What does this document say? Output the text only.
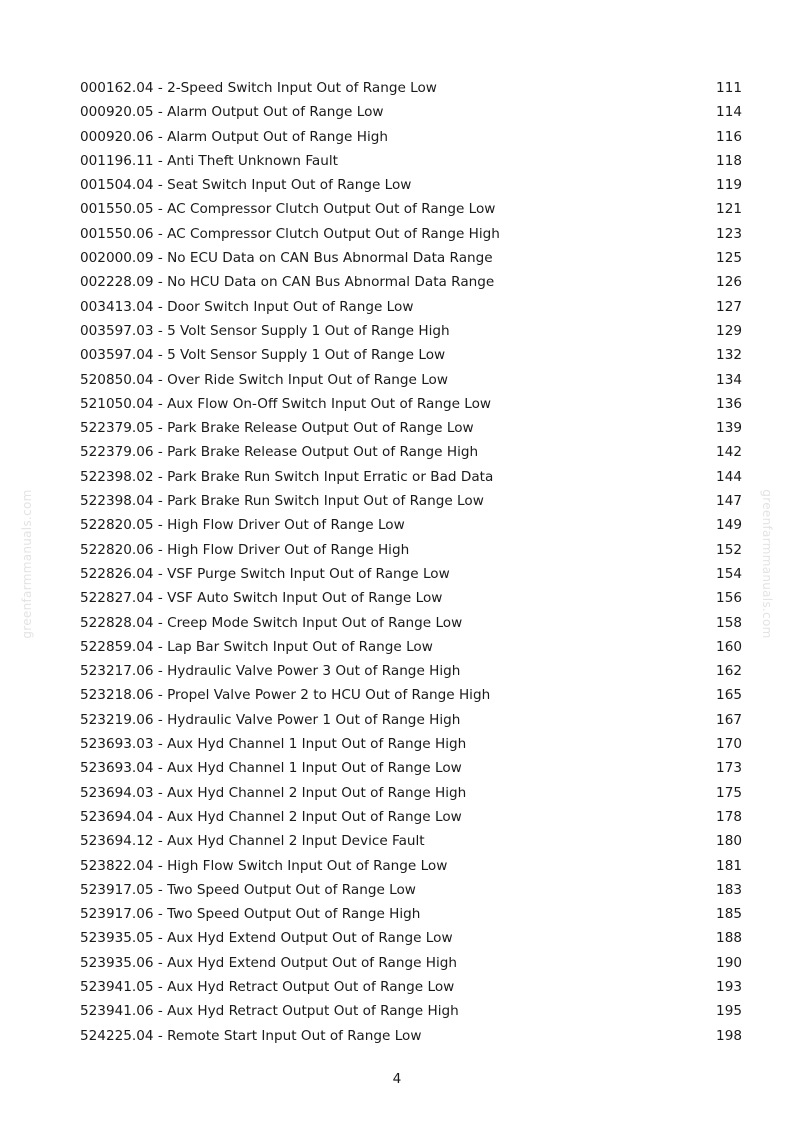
000162.04 - 2-Speed Switch Input Out of Range Low	111
000920.05 - Alarm Output Out of Range Low	114
000920.06 - Alarm Output Out of Range High	116
001196.11 - Anti Theft Unknown Fault	118
001504.04 - Seat Switch Input Out of Range Low	119
001550.05 - AC Compressor Clutch Output Out of Range Low	121
001550.06 - AC Compressor Clutch Output Out of Range High	123
002000.09 - No ECU Data on CAN Bus Abnormal Data Range	125
002228.09 - No HCU Data on CAN Bus Abnormal Data Range	126
003413.04 - Door Switch Input Out of Range Low	127
003597.03 - 5 Volt Sensor Supply 1 Out of Range High	129
003597.04 - 5 Volt Sensor Supply 1 Out of Range Low	132
520850.04 - Over Ride Switch Input Out of Range Low	134
521050.04 - Aux Flow On-Off Switch Input Out of Range Low	136
522379.05 - Park Brake Release Output Out of Range Low	139
522379.06 - Park Brake Release Output Out of Range High	142
522398.02 - Park Brake Run Switch Input Erratic or Bad Data	144
522398.04 - Park Brake Run Switch Input Out of Range Low	147
522820.05 - High Flow Driver Out of Range Low	149
522820.06 - High Flow Driver Out of Range High	152
522826.04 - VSF Purge Switch Input Out of Range Low	154
522827.04 - VSF Auto Switch Input Out of Range Low	156
522828.04 - Creep Mode Switch Input Out of Range Low	158
522859.04 - Lap Bar Switch Input Out of Range Low	160
523217.06 - Hydraulic Valve Power 3 Out of Range High	162
523218.06 - Propel Valve Power 2 to HCU Out of Range High	165
523219.06 - Hydraulic Valve Power 1 Out of Range High	167
523693.03 - Aux Hyd Channel 1 Input Out of Range High	170
523693.04 - Aux Hyd Channel 1 Input Out of Range Low	173
523694.03 - Aux Hyd Channel 2 Input Out of Range High	175
523694.04 - Aux Hyd Channel 2 Input Out of Range Low	178
523694.12 - Aux Hyd Channel 2 Input Device Fault	180
523822.04 - High Flow Switch Input Out of Range Low	181
523917.05 - Two Speed Output Out of Range Low	183
523917.06 - Two Speed Output Out of Range High	185
523935.05 - Aux Hyd Extend Output Out of Range Low	188
523935.06 - Aux Hyd Extend Output Out of Range High	190
523941.05 - Aux Hyd Retract Output Out of Range Low	193
523941.06 - Aux Hyd Retract Output Out of Range High	195
524225.04 - Remote Start Input Out of Range Low	198
4
greenfarmmanuals.com	greenfarmmanuals.com
